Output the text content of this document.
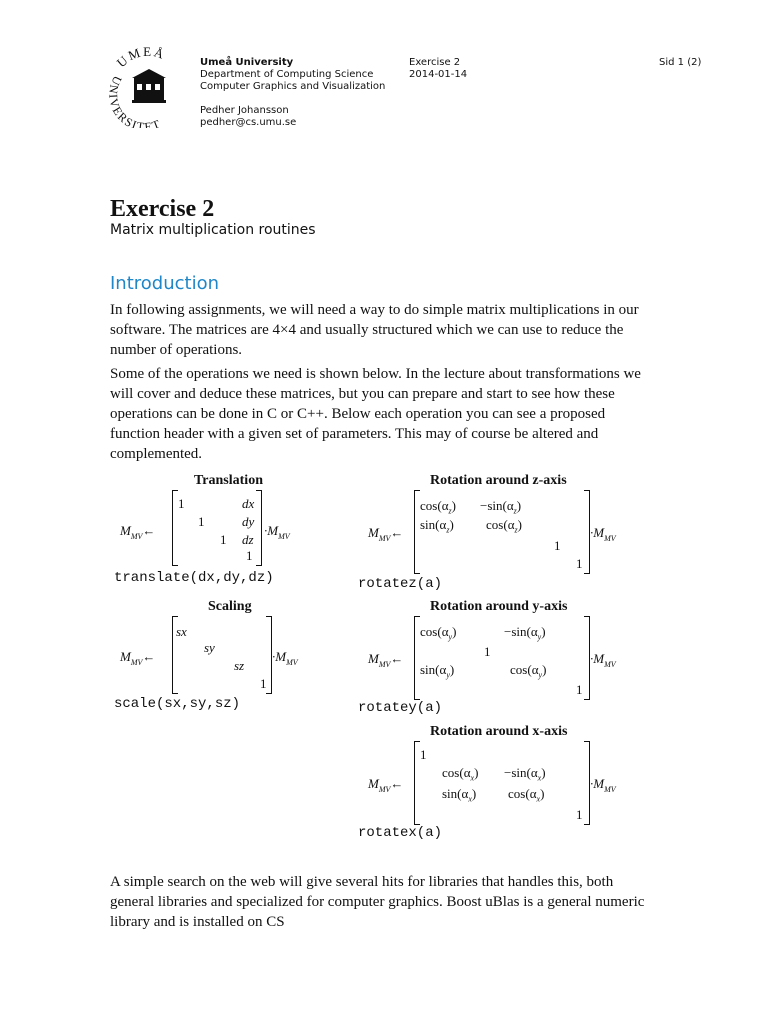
UMEÅ
UNIVERSITET
Umeå University
Department of Computing Science
Computer Graphics and Visualization
Pedher Johansson
pedher@cs.umu.se
Exercise 2
2014-01-14
Sid 1 (2)
Exercise 2
Matrix multiplication routines
Introduction
In following assignments, we will need a way to do simple matrix multiplications in our software. The matrices are 4×4 and usually structured which we can use to reduce the number of operations.
Some of the operations we need is shown below. In the lecture about transformations we will cover and deduce these matrices, but you can prepare and start to see how these operations can be done in C or C++. Below each operation you can see a proposed function header with a given set of parameters. This may of course be altered and complemented.
Translation
$M_{MV}\leftarrow$
1
1
1
dx
dy
dz
1
$\cdot M_{MV}$
translate(dx,dy,dz)
Scaling
$M_{MV}\leftarrow$
sx
sy
sz
1
$\cdot M_{MV}$
scale(sx,sy,sz)
Rotation around z-axis
$M_{MV}\leftarrow$
$\cos(\alpha_z) -\sin(\alpha_z)$
$\sin(\alpha_z)$ $\cos(\alpha_z)$
1
1
$\cdot M_{MV}$
rotatez(a)
Rotation around y-axis
$M_{MV}\leftarrow$
$\cos(\alpha_y)$	$-\sin(\alpha_y)$
1
$\sin(\alpha_y)$	$\cos(\alpha_y)$
1
$\cdot M_{MV}$
rotatey(a)
Rotation around x-axis
$M_{MV}\leftarrow$
1
$\cos(\alpha_x) -\sin(\alpha_x)$
$\sin(\alpha_x)$ $\cos(\alpha_x)$
1
$\cdot M_{MV}$
rotatex(a)
A simple search on the web will give several hits for libraries that handles this, both general libraries and specialized for computer graphics. Boost uBlas is a general numeric library and is installed on CS
